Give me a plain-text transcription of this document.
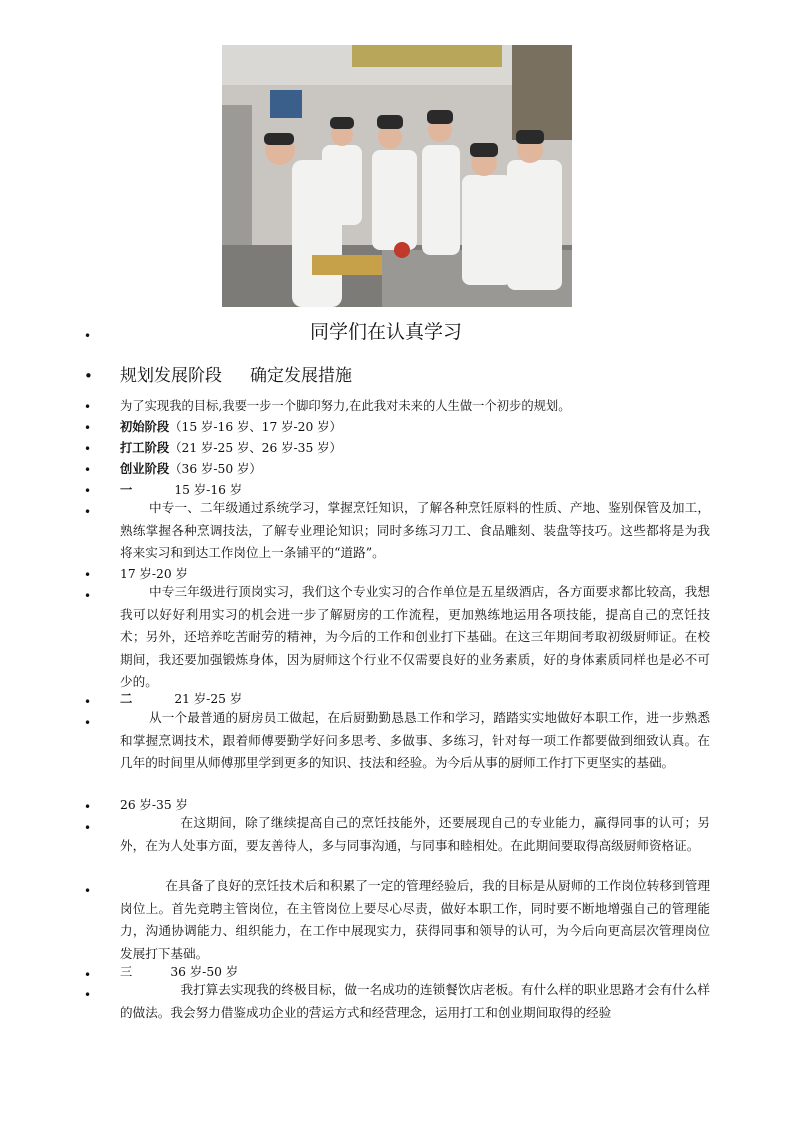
•	同学们在认真学习
• 规划发展阶段 确定发展措施
• 为了实现我的目标,我要一步一个脚印努力,在此我对未来的人生做一个初步的规划。
• 初始阶段（15 岁-16 岁、17 岁-20 岁）
• 打工阶段（21 岁-25 岁、26 岁-35 岁）
• 创业阶段（36 岁-50 岁）
• 一	15 岁-16 岁
•	中专一、二年级通过系统学习，掌握烹饪知识，了解各种烹饪原料的性质、产地、鉴别保管及加工，熟练掌握各种烹调技法，了解专业理论知识；同时多练习刀工、食品雕刻、装盘等技巧。这些都将是为我将来实习和到达工作岗位上一条铺平的“道路”。
• 17 岁-20 岁
•	中专三年级进行顶岗实习，我们这个专业实习的合作单位是五星级酒店，各方面要求都比较高，我想我可以好好利用实习的机会进一步了解厨房的工作流程，更加熟练地运用各项技能，提高自己的烹饪技术；另外，还培养吃苦耐劳的精神，为今后的工作和创业打下基础。在这三年期间考取初级厨师证。在校期间，我还要加强锻炼身体，因为厨师这个行业不仅需要良好的业务素质，好的身体素质同样也是必不可少的。
• 二	21 岁-25 岁
•	从一个最普通的厨房员工做起，在后厨勤勤恳恳工作和学习，踏踏实实地做好本职工作，进一步熟悉和掌握烹调技术，跟着师傅要勤学好问多思考、多做事、多练习，针对每一项工作都要做到细致认真。在几年的时间里从师傅那里学到更多的知识、技法和经验。为今后从事的厨师工作打下更坚实的基础。
• 26 岁-35 岁
•	在这期间，除了继续提高自己的烹饪技能外，还要展现自己的专业能力，赢得同事的认可；另外，在为人处事方面，要友善待人，多与同事沟通，与同事和睦相处。在此期间要取得高级厨师资格证。
•	在具备了良好的烹饪技术后和积累了一定的管理经验后，我的目标是从厨师的工作岗位转移到管理岗位上。首先竞聘主管岗位，在主管岗位上要尽心尽责，做好本职工作，同时要不断地增强自己的管理能力，沟通协调能力、组织能力，在工作中展现实力，获得同事和领导的认可，为今后向更高层次管理岗位发展打下基础。
• 三	36 岁-50 岁
•	我打算去实现我的终极目标，做一名成功的连锁餐饮店老板。有什么样的职业思路才会有什么样的做法。我会努力借鉴成功企业的营运方式和经营理念，运用打工和创业期间取得的经验
